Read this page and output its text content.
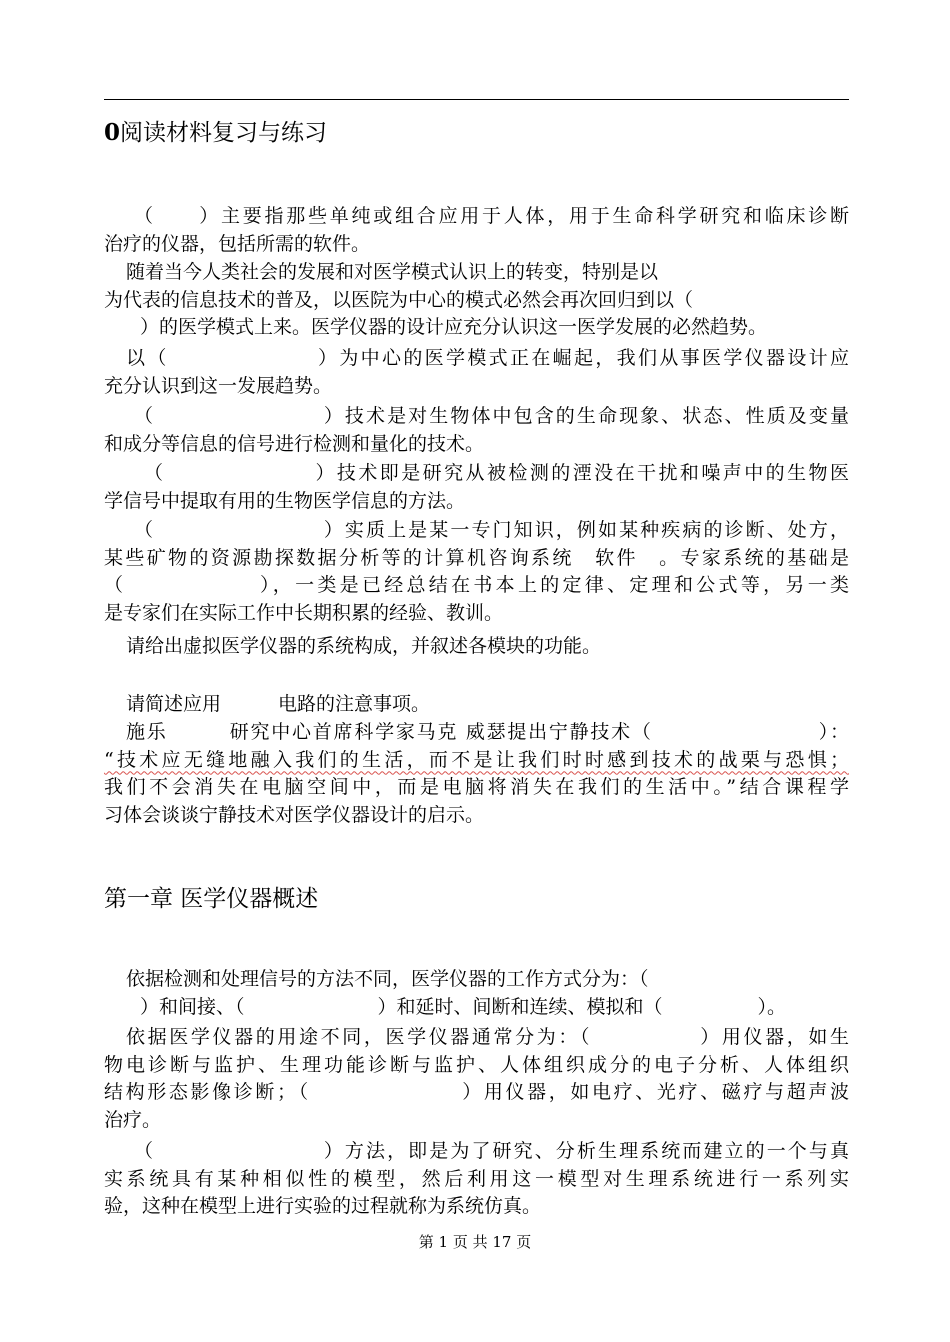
0阅读材料复习与练习
（　　）主要指那些单纯或组合应用于人体，用于生命科学研究和临床诊断
治疗的仪器，包括所需的软件。
随着当今人类社会的发展和对医学模式认识上的转变，特别是以
为代表的信息技术的普及，以医院为中心的模式必然会再次回归到以（
）的医学模式上来。医学仪器的设计应充分认识这一医学发展的必然趋势。
以（　　　　　　　）为中心的医学模式正在崛起，我们从事医学仪器设计应
充分认识到这一发展趋势。
（　　　　　　　　）技术是对生物体中包含的生命现象、状态、性质及变量
和成分等信息的信号进行检测和量化的技术。
（　　　　　　　）技术即是研究从被检测的湮没在干扰和噪声中的生物医
学信号中提取有用的生物医学信息的方法。
（　　　　　　　　）实质上是某一专门知识，例如某种疾病的诊断、处方，
某些矿物的资源勘探数据分析等的计算机咨询系统　软件　。专家系统的基础是
（　　　　　　），一类是已经总结在书本上的定律、定理和公式等，另一类
是专家们在实际工作中长期积累的经验、教训。
请给出虚拟医学仪器的系统构成，并叙述各模块的功能。
请简述应用　　　电路的注意事项。
施乐　　　研究中心首席科学家马克 威瑟提出宁静技术（　　　　　　　　）：
“技术应无缝地融入我们的生活，而不是让我们时时感到技术的战栗与恐惧；
我们不会消失在电脑空间中，而是电脑将消失在我们的生活中。”结合课程学
习体会谈谈宁静技术对医学仪器设计的启示。
第一章 医学仪器概述
依据检测和处理信号的方法不同，医学仪器的工作方式分为：（
）和间接、（　　　　　　　）和延时、间断和连续、模拟和（　　　　　）。
依据医学仪器的用途不同，医学仪器通常分为：（　　　　　）用仪器，如生
物电诊断与监护、生理功能诊断与监护、人体组织成分的电子分析、人体组织
结构形态影像诊断；（　　　　　　　）用仪器，如电疗、光疗、磁疗与超声波
治疗。
（　　　　　　　　）方法，即是为了研究、分析生理系统而建立的一个与真
实系统具有某种相似性的模型，然后利用这一模型对生理系统进行一系列实
验，这种在模型上进行实验的过程就称为系统仿真。
第 1 页 共 17 页
